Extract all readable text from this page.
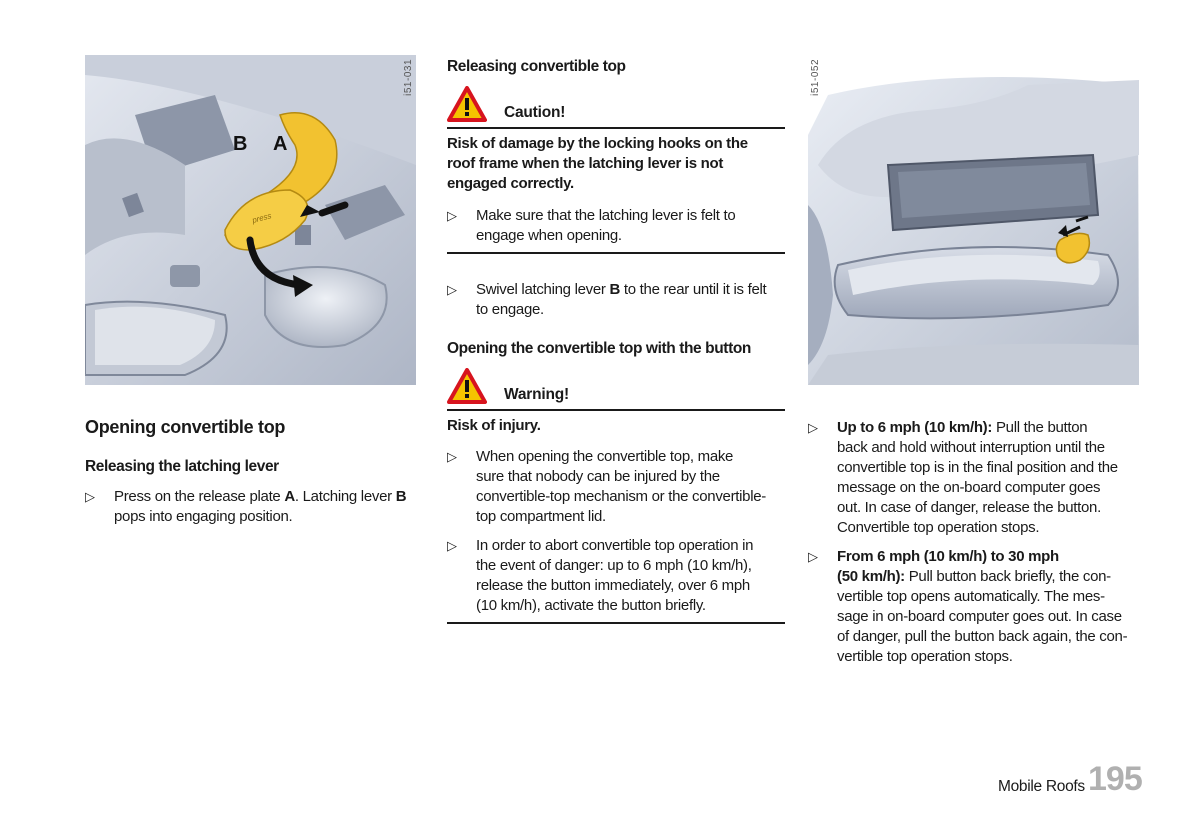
press
B A
i51-031	i51-052
Opening convertible top
Releasing the latching lever
▷ Press on the release plate A. Latching lever B
pops into engaging position.
Releasing convertible top
Caution!
Risk of damage by the locking hooks on the
roof frame when the latching lever is not
engaged correctly.
▷ Make sure that the latching lever is felt to
engage when opening.
▷ Swivel latching lever B to the rear until it is felt
to engage.
Opening the convertible top with the button
Warning!
Risk of injury.
▷ When opening the convertible top, make
sure that nobody can be injured by the
convertible-top mechanism or the convertible-
top compartment lid.
▷ In order to abort convertible top operation in
the event of danger: up to 6 mph (10 km/h),
release the button immediately, over 6 mph
(10 km/h), activate the button briefly.
▷ Up to 6 mph (10 km/h): Pull the button
back and hold without interruption until the
convertible top is in the final position and the
message on the on-board computer goes
out. In case of danger, release the button.
Convertible top operation stops.
▷ From 6 mph (10 km/h) to 30 mph
(50 km/h): Pull button back briefly, the con-
vertible top opens automatically. The mes-
sage in on-board computer goes out. In case
of danger, pull the button back again, the con-
vertible top operation stops.
Mobile Roofs 195
